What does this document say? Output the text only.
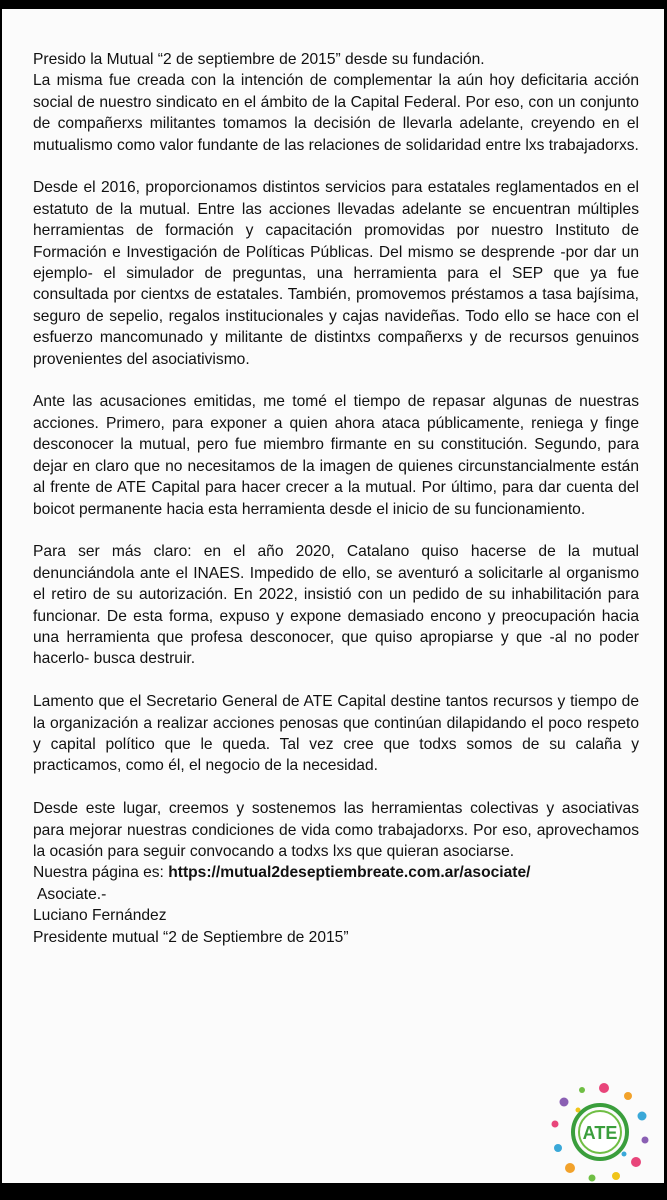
Presido la Mutual “2 de septiembre de 2015” desde su fundación.

La misma fue creada con la intención de complementar la aún hoy deficitaria acción social de nuestro sindicato en el ámbito de la Capital Federal. Por eso, con un conjunto de compañerxs militantes tomamos la decisión de llevarla adelante, creyendo en el mutualismo como valor fundante de las relaciones de solidaridad entre lxs trabajadorxs.

Desde el 2016, proporcionamos distintos servicios para estatales reglamentados en el estatuto de la mutual. Entre las acciones llevadas adelante se encuentran múltiples herramientas de formación y capacitación promovidas por nuestro Instituto de Formación e Investigación de Políticas Públicas. Del mismo se desprende -por dar un ejemplo- el simulador de preguntas, una herramienta para el SEP que ya fue consultada por cientxs de estatales. También, promovemos préstamos a tasa bajísima, seguro de sepelio, regalos institucionales y cajas navideñas. Todo ello se hace con el esfuerzo mancomunado y militante de distintxs compañerxs y de recursos genuinos provenientes del asociativismo.

Ante las acusaciones emitidas, me tomé el tiempo de repasar algunas de nuestras acciones. Primero, para exponer a quien ahora ataca públicamente, reniega y finge desconocer la mutual, pero fue miembro firmante en su constitución. Segundo, para dejar en claro que no necesitamos de la imagen de quienes circunstancialmente están al frente de ATE Capital para hacer crecer a la mutual. Por último, para dar cuenta del boicot permanente hacia esta herramienta desde el inicio de su funcionamiento.

Para ser más claro: en el año 2020, Catalano quiso hacerse de la mutual denunciándola ante el INAES. Impedido de ello, se aventuró a solicitarle al organismo el retiro de su autorización. En 2022, insistió con un pedido de su inhabilitación para funcionar. De esta forma, expuso y expone demasiado encono y preocupación hacia una herramienta que profesa desconocer, que quiso apropiarse y que -al no poder hacerlo- busca destruir.

Lamento que el Secretario General de ATE Capital destine tantos recursos y tiempo de la organización a realizar acciones penosas que continúan dilapidando el poco respeto y capital político que le queda. Tal vez cree que todxs somos de su calaña y practicamos, como él, el negocio de la necesidad.

Desde este lugar, creemos y sostenemos las herramientas colectivas y asociativas para mejorar nuestras condiciones de vida como trabajadorxs. Por eso, aprovechamos la ocasión para seguir convocando a todxs lxs que quieran asociarse.

Nuestra página es: https://mutual2deseptiembreate.com.ar/asociate/

Asociate.-

Luciano Fernández

Presidente mutual “2 de Septiembre de 2015”

ATE
